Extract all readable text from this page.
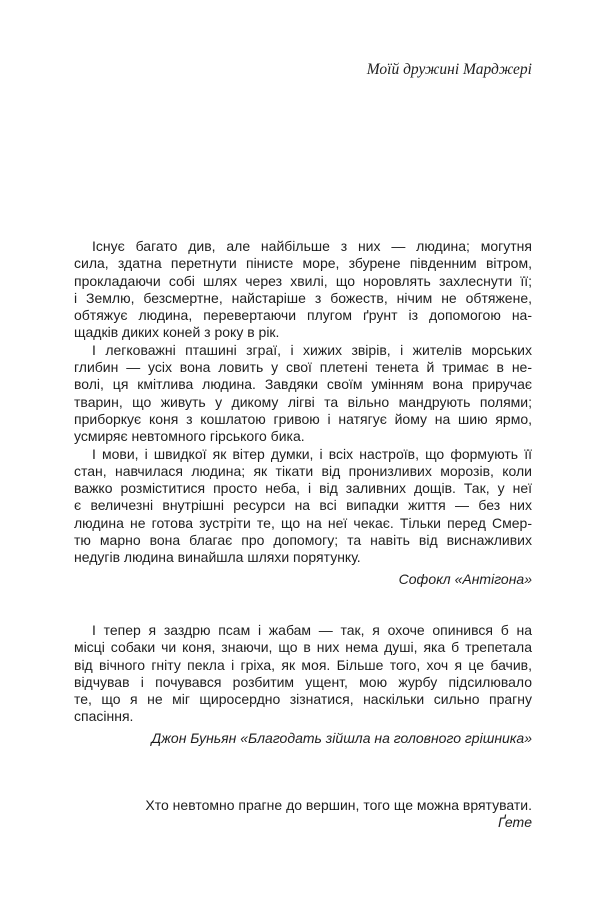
Моїй дружині Марджері
Існує багато див, але найбільше з них — людина; могутня
сила, здатна перетнути пінисте море, збурене південним вітром,
прокладаючи собі шлях через хвилі, що норовлять захлеснути її;
і Землю, безсмертне, найстаріше з божеств, нічим не обтяжене,
обтяжує людина, перевертаючи плугом ґрунт із допомогою на-
щадків диких коней з року в рік.
І легковажні пташині зграї, і хижих звірів, і жителів морських
глибин — усіх вона ловить у свої плетені тенета й тримає в не-
волі, ця кмітлива людина. Завдяки своїм умінням вона приручає
тварин, що живуть у дикому лігві та вільно мандрують полями;
приборкує коня з кошлатою гривою і натягує йому на шию ярмо,
усмиряє невтомного гірського бика.
І мови, і швидкої як вітер думки, і всіх настроїв, що формують її
стан, навчилася людина; як тікати від пронизливих морозів, коли
важко розміститися просто неба, і від заливних дощів. Так, у неї
є величезні внутрішні ресурси на всі випадки життя — без них
людина не готова зустріти те, що на неї чекає. Тільки перед Смер-
тю марно вона благає про допомогу; та навіть від виснажливих
недугів людина винайшла шляхи порятунку.
Софокл «Антігона»
І тепер я заздрю псам і жабам — так, я охоче опинився б на
місці собаки чи коня, знаючи, що в них нема душі, яка б трепетала
від вічного гніту пекла і гріха, як моя. Більше того, хоч я це бачив,
відчував і почувався розбитим ущент, мою журбу підсилювало
те, що я не міг щиросердно зізнатися, наскільки сильно прагну
спасіння.
Джон Буньян «Благодать зійшла на головного грішника»
Хто невтомно прагне до вершин, того ще можна врятувати.
Ґете
